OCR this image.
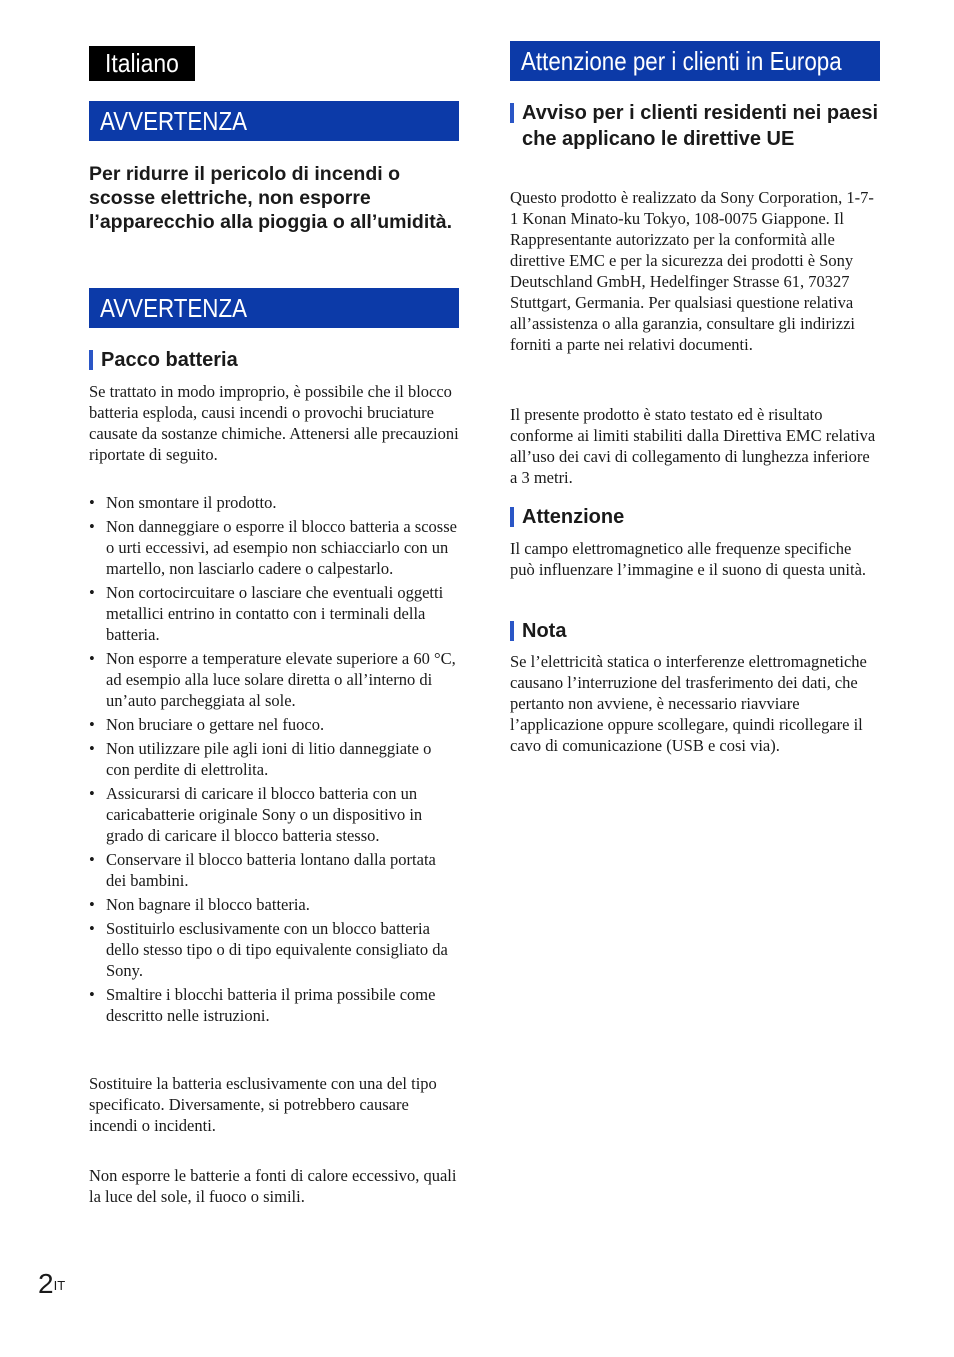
Italiano
AVVERTENZA

Per ridurre il pericolo di incendi o scosse elettriche, non esporre l’apparecchio alla pioggia o all’umidità.

AVVERTENZA
Pacco batteria

Se trattato in modo improprio, è possibile che il blocco batteria esploda, causi incendi o provochi bruciature causate da sostanze chimiche. Attenersi alle precauzioni riportate di seguito.

• Non smontare il prodotto.
• Non danneggiare o esporre il blocco batteria a scosse o urti eccessivi, ad esempio non schiacciarlo con un martello, non lasciarlo cadere o calpestarlo.
• Non cortocircuitare o lasciare che eventuali oggetti metallici entrino in contatto con i terminali della batteria.
• Non esporre a temperature elevate superiore a 60 °C, ad esempio alla luce solare diretta o all’interno di un’auto parcheggiata al sole.
• Non bruciare o gettare nel fuoco.
• Non utilizzare pile agli ioni di litio danneggiate o con perdite di elettrolita.
• Assicurarsi di caricare il blocco batteria con un caricabatterie originale Sony o un dispositivo in grado di caricare il blocco batteria stesso.
• Conservare il blocco batteria lontano dalla portata dei bambini.
• Non bagnare il blocco batteria.
• Sostituirlo esclusivamente con un blocco batteria dello stesso tipo o di tipo equivalente consigliato da Sony.
• Smaltire i blocchi batteria il prima possibile come descritto nelle istruzioni.

Sostituire la batteria esclusivamente con una del tipo specificato. Diversamente, si potrebbero causare incendi o incidenti.

Non esporre le batterie a fonti di calore eccessivo, quali la luce del sole, il fuoco o simili.

Attenzione per i clienti in Europa
Avviso per i clienti residenti nei paesi che applicano le direttive UE

Questo prodotto è realizzato da Sony Corporation, 1-7-1 Konan Minato-ku Tokyo, 108-0075 Giappone. Il Rappresentante autorizzato per la conformità alle direttive EMC e per la sicurezza dei prodotti è Sony Deutschland GmbH, Hedelfinger Strasse 61, 70327 Stuttgart, Germania. Per qualsiasi questione relativa all’assistenza o alla garanzia, consultare gli indirizzi forniti a parte nei relativi documenti.

Il presente prodotto è stato testato ed è risultato conforme ai limiti stabiliti dalla Direttiva EMC relativa all’uso dei cavi di collegamento di lunghezza inferiore a 3 metri.

Attenzione

Il campo elettromagnetico alle frequenze specifiche può influenzare l’immagine e il suono di questa unità.

Nota

Se l’elettricità statica o interferenze elettromagnetiche causano l’interruzione del trasferimento dei dati, che pertanto non avviene, è necessario riavviare l’applicazione oppure scollegare, quindi ricollegare il cavo di comunicazione (USB e cosi via).

$2^{IT}$
